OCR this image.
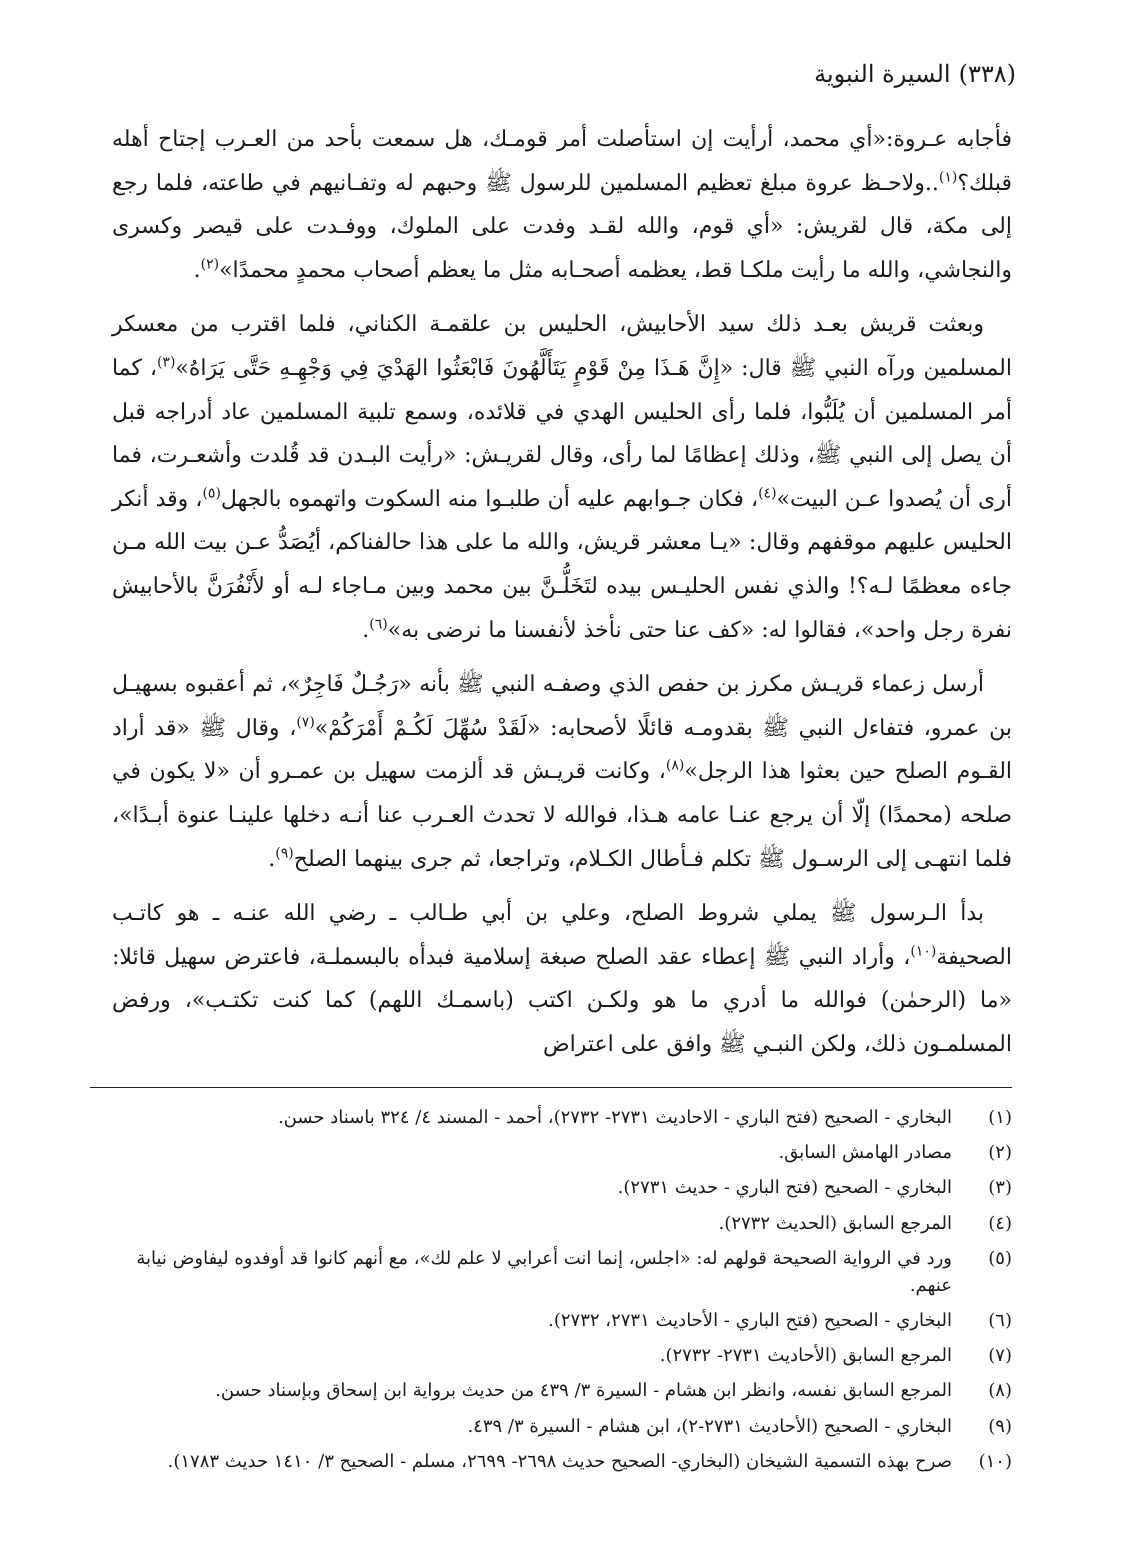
(٣٣٨)
السيرة النبوية

فأجابه عـروة:«أي محمد، أرأيت إن استأصلت أمر قومـك، هل سمعت بأحد من العـرب إجتاح أهله قبلك؟$^{(١)}$..ولاحـظ عروة مبلغ تعظيم المسلمين للرسول ﷺ وحبهم له وتفـانيهم في طاعته، فلما رجع إلى مكة، قال لقريش: «أي قوم، والله لقـد وفدت على الملوك، ووفـدت على قيصر وكسرى والنجاشي، والله ما رأيت ملكـا قط، يعظمه أصحـابه مثل ما يعظم أصحاب محمدٍ محمدًا»$^{(٢)}$.

وبعثت قريش بعـد ذلك سيد الأحابيش، الحليس بن علقمـة الكناني، فلما اقترب من معسكر المسلمين ورآه النبي ﷺ قال: «إِنَّ هَـذَا مِنْ قَوْمٍ يَتَأَلَّهُونَ فَابْعَثُوا الهَدْيَ فِي وَجْهِـهِ حَتَّى يَرَاهُ»$^{(٣)}$، كما أمر المسلمين أن يُلَبُّوا، فلما رأى الحليس الهدي في قلائده، وسمع تلبية المسلمين عاد أدراجه قبل أن يصل إلى النبي ﷺ، وذلك إعظامًا لما رأى، وقال لقريـش: «رأيت البـدن قد قُلدت وأشعـرت، فما أرى أن يُصدوا عـن البيت»$^{(٤)}$، فكان جـوابهم عليه أن طلبـوا منه السكوت واتهموه بالجهل$^{(٥)}$، وقد أنكر الحليس عليهم موقفهم وقال: «يـا معشر قريش، والله ما على هذا حالفناكم، أيُصَدُّ عـن بيت الله مـن جاءه معظمًا لـه؟! والذي نفس الحليـس بيده لتَخَلُّـنَّ بين محمد وبين مـاجاء لـه أو لأَنْفُرَنَّ بالأحابيش نفرة رجل واحد»، فقالوا له: «كف عنا حتى نأخذ لأنفسنا ما نرضى به»$^{(٦)}$.

أرسل زعماء قريـش مكرز بن حفص الذي وصفـه النبي ﷺ بأنه «رَجُـلٌ فَاجِرٌ»، ثم أعقبوه بسهيـل بن عمرو، فتفاءل النبي ﷺ بقدومـه قائلًا لأصحابه: «لَقَدْ سُهِّلَ لَكُـمْ أَمْرَكُمْ»$^{(٧)}$، وقال ﷺ «قد أراد القـوم الصلح حين بعثوا هذا الرجل»$^{(٨)}$، وكانت قريـش قد ألزمت سهيل بن عمـرو أن «لا يكون في صلحه (محمدًا) إلّا أن يرجع عنـا عامه هـذا، فوالله لا تحدث العـرب عنا أنـه دخلها علينـا عنوة أبـدًا»، فلما انتهـى إلى الرسـول ﷺ تكلم فـأطال الكـلام، وتراجعا، ثم جرى بينهما الصلح$^{(٩)}$.

بدأ الـرسول ﷺ يملي شروط الصلح، وعلي بن أبي طـالب ـ رضي الله عنـه ـ هو كاتـب الصحيفة$^{(١٠)}$، وأراد النبي ﷺ إعطاء عقد الصلح صبغة إسلامية فبدأه بالبسملـة، فاعترض سهيل قائلا: «ما (الرحمٰن) فوالله ما أدري ما هو ولكـن اكتب (باسمـك اللهم) كما كنت تكتـب»، ورفض المسلمـون ذلك، ولكن النبـي ﷺ وافق على اعتراض

(١)
البخاري - الصحيح (فتح الباري - الاحاديث ٢٧٣١- ٢٧٣٢)، أحمد - المسند ٤/ ٣٢٤ باسناد حسن.
(٢)
مصادر الهامش السابق.
(٣)
البخاري - الصحيح (فتح الباري - حديث ٢٧٣١).
(٤)
المرجع السابق (الحديث ٢٧٣٢).
(٥)
ورد في الرواية الصحيحة قولهم له: «اجلس، إنما انت أعرابي لا علم لك»، مع أنهم كانوا قد أوفدوه ليفاوض نيابة عنهم.
(٦)
البخاري - الصحيح (فتح الباري - الأحاديث ٢٧٣١، ٢٧٣٢).
(٧)
المرجع السابق (الأحاديث ٢٧٣١- ٢٧٣٢).
(٨)
المرجع السابق نفسه، وانظر ابن هشام - السيرة ٣/ ٤٣٩ من حديث برواية ابن إسحاق وبإسناد حسن.
(٩)
البخاري - الصحيح (الأحاديث ٢٧٣١-٢)، ابن هشام - السيرة ٣/ ٤٣٩.
(١٠)
صرح بهذه التسمية الشيخان (البخاري- الصحيح حديث ٢٦٩٨- ٢٦٩٩، مسلم - الصحيح ٣/ ١٤١٠ حديث ١٧٨٣).
